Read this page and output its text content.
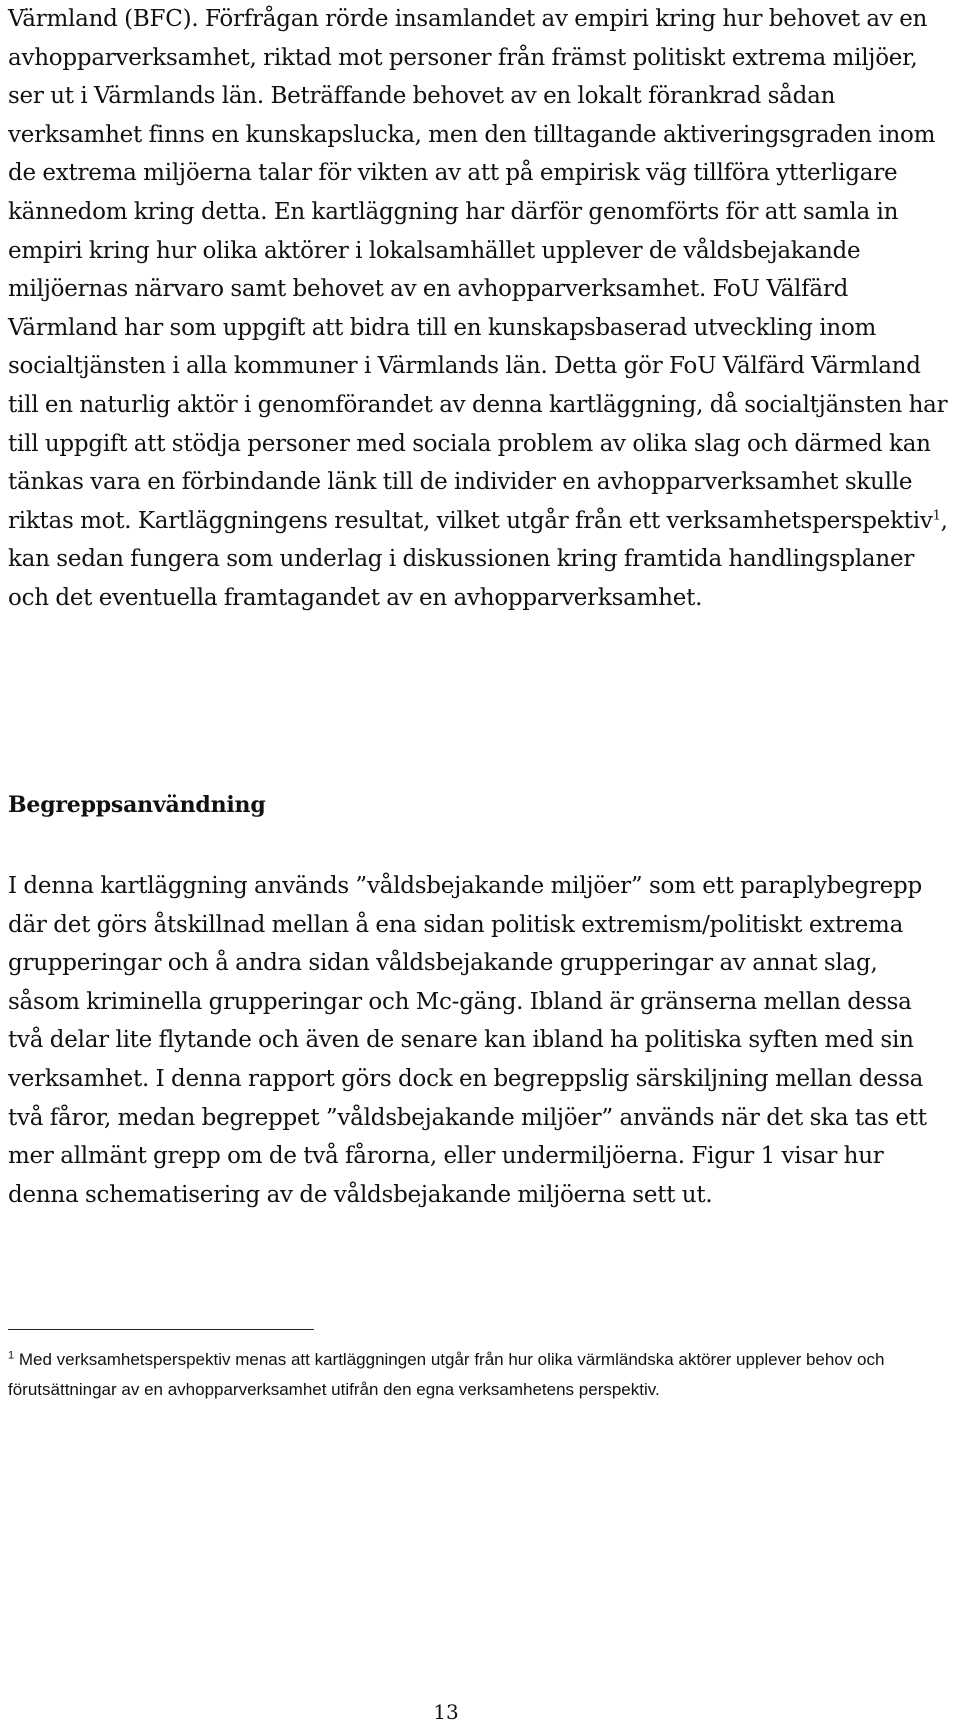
Värmland (BFC). Förfrågan rörde insamlandet av empiri kring hur behovet av en avhopparverksamhet, riktad mot personer från främst politiskt extrema miljöer, ser ut i Värmlands län. Beträffande behovet av en lokalt förankrad sådan verksamhet finns en kunskapslucka, men den tilltagande aktiveringsgraden inom de extrema miljöerna talar för vikten av att på empirisk väg tillföra ytterligare kännedom kring detta. En kartläggning har därför genomförts för att samla in empiri kring hur olika aktörer i lokalsamhället upplever de våldsbejakande miljöernas närvaro samt behovet av en avhopparverksamhet. FoU Välfärd Värmland har som uppgift att bidra till en kunskapsbaserad utveckling inom socialtjänsten i alla kommuner i Värmlands län. Detta gör FoU Välfärd Värmland till en naturlig aktör i genomförandet av denna kartläggning, då socialtjänsten har till uppgift att stödja personer med sociala problem av olika slag och därmed kan tänkas vara en förbindande länk till de individer en avhopparverksamhet skulle riktas mot. Kartläggningens resultat, vilket utgår från ett verksamhetsperspektiv$^1$, kan sedan fungera som underlag i diskussionen kring framtida handlingsplaner och det eventuella framtagandet av en avhopparverksamhet.

Begreppsanvändning

I denna kartläggning används ”våldsbejakande miljöer” som ett paraplybegrepp där det görs åtskillnad mellan å ena sidan politisk extremism/politiskt extrema grupperingar och å andra sidan våldsbejakande grupperingar av annat slag, såsom kriminella grupperingar och Mc-gäng. Ibland är gränserna mellan dessa två delar lite flytande och även de senare kan ibland ha politiska syften med sin verksamhet. I denna rapport görs dock en begreppslig särskiljning mellan dessa två fåror, medan begreppet ”våldsbejakande miljöer” används när det ska tas ett mer allmänt grepp om de två fårorna, eller undermiljöerna. Figur 1 visar hur denna schematisering av de våldsbejakande miljöerna sett ut.

$^1$ Med verksamhetsperspektiv menas att kartläggningen utgår från hur olika värmländska aktörer upplever behov och förutsättningar av en avhopparverksamhet utifrån den egna verksamhetens perspektiv.

13
